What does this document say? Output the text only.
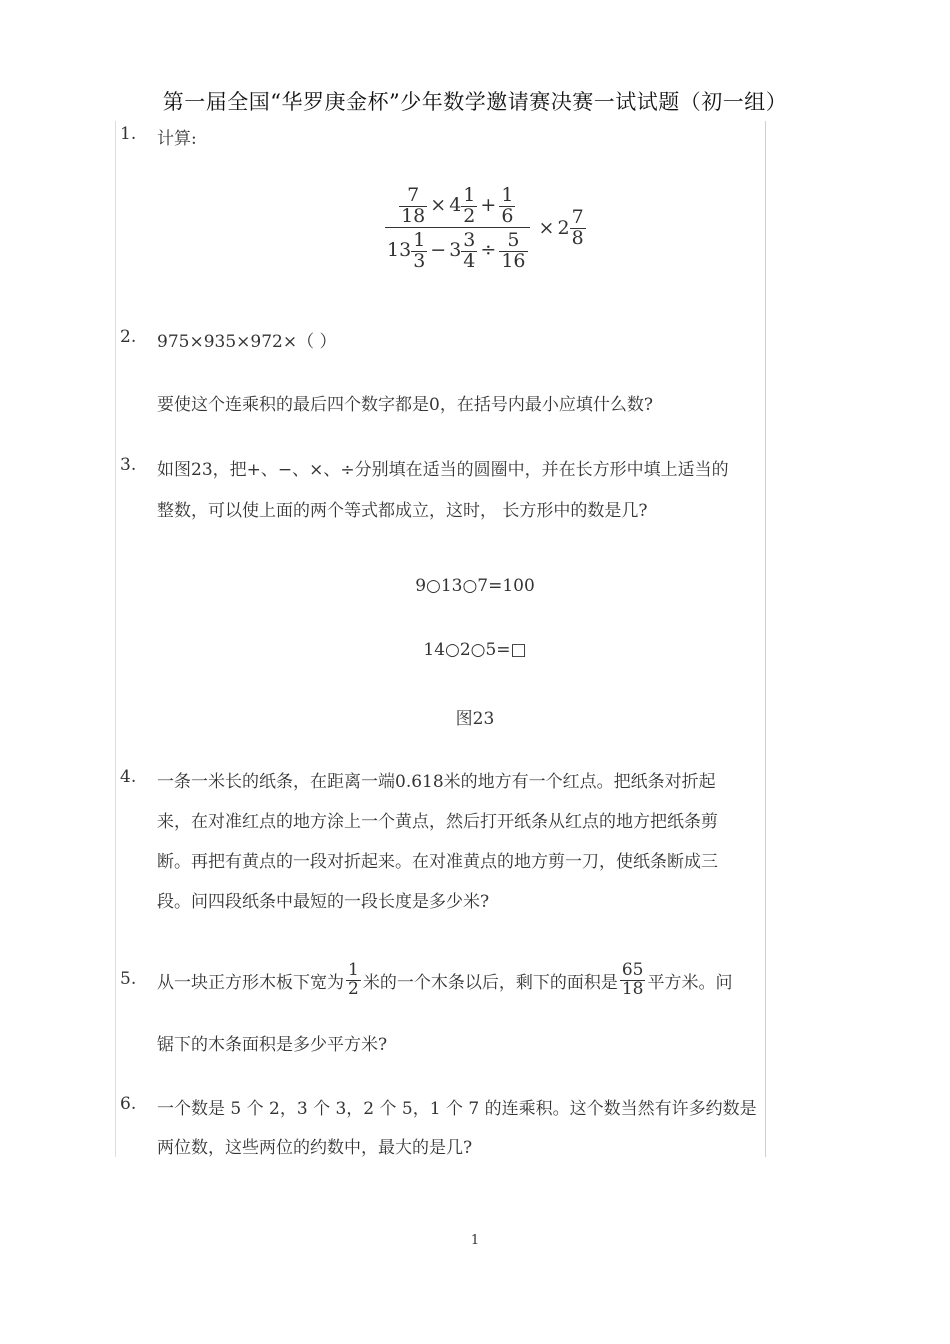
第一届全国“华罗庚金杯”少年数学邀请赛决赛一试试题（初一组）
1. 计算:
$\frac{\frac{7}{18} \times 4 \frac{1}{2} + \frac{1}{6}}{13 \frac{1}{3} - 3 \frac{3}{4} \div \frac{5}{16}} \times 2 \frac{7}{8}$
2. 975×935×972×（ ）
要使这个连乘积的最后四个数字都是0，在括号内最小应填什么数?
3. 如图23，把+、−、×、÷分别填在适当的圆圈中，并在长方形中填上适当的
整数，可以使上面的两个等式都成立，这时， 长方形中的数是几?
9○13○7=100
14○2○5=□
图23
4. 一条一米长的纸条，在距离一端0.618米的地方有一个红点。把纸条对折起
来，在对准红点的地方涂上一个黄点，然后打开纸条从红点的地方把纸条剪
断。再把有黄点的一段对折起来。在对准黄点的地方剪一刀，使纸条断成三
段。问四段纸条中最短的一段长度是多少米?
5. 从一块正方形木板下宽为 $\frac{1}{2}$ 米的一个木条以后，剩下的面积是 $\frac{65}{18}$ 平方米。问
锯下的木条面积是多少平方米?
6. 一个数是 5 个 2，3 个 3，2 个 5，1 个 7 的连乘积。这个数当然有许多约数是
两位数，这些两位的约数中，最大的是几?
1
